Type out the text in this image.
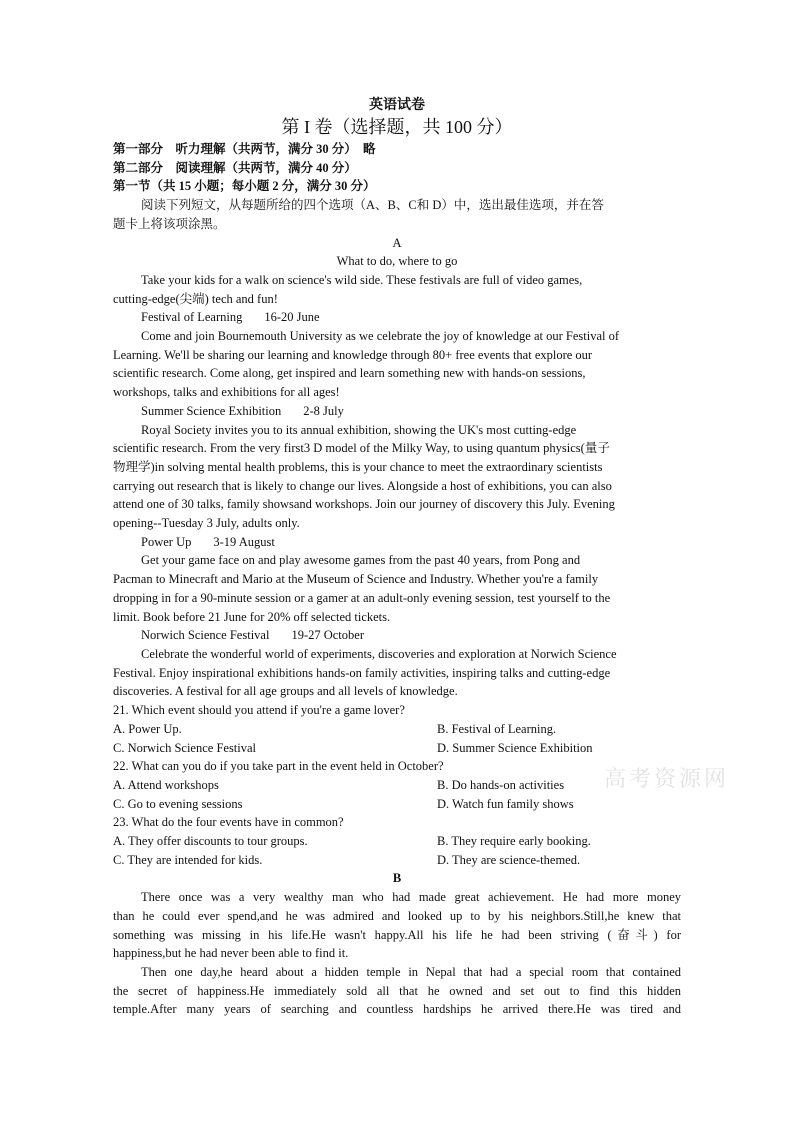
英语试卷
第 I 卷（选择题，共 100 分）
第一部分　听力理解（共两节，满分 30 分）　略
第二部分　阅读理解（共两节，满分 40 分）
第一节（共 15 小题；每小题 2 分，满分 30 分）
阅读下列短文，从每题所给的四个选项（A、B、C和 D）中，选出最佳选项，并在答
题卡上将该项涂黑。
A
What to do, where to go
Take your kids for a walk on science's wild side. These festivals are full of video games,
cutting-edge(尖端) tech and fun!
Festival of Learning 16-20 June
Come and join Bournemouth University as we celebrate the joy of knowledge at our Festival of
Learning. We'll be sharing our learning and knowledge through 80+ free events that explore our
scientific research. Come along, get inspired and learn something new with hands-on sessions,
workshops, talks and exhibitions for all ages!
Summer Science Exhibition 2-8 July
Royal Society invites you to its annual exhibition, showing the UK's most cutting-edge
scientific research. From the very first3 D model of the Milky Way, to using quantum physics(量子
物理学)in solving mental health problems, this is your chance to meet the extraordinary scientists
carrying out research that is likely to change our lives. Alongside a host of exhibitions, you can also
attend one of 30 talks, family showsand workshops. Join our journey of discovery this July. Evening
opening--Tuesday 3 July, adults only.
Power Up 3-19 August
Get your game face on and play awesome games from the past 40 years, from Pong and
Pacman to Minecraft and Mario at the Museum of Science and Industry. Whether you're a family
dropping in for a 90-minute session or a gamer at an adult-only evening session, test yourself to the
limit. Book before 21 June for 20% off selected tickets.
Norwich Science Festival 19-27 October
Celebrate the wonderful world of experiments, discoveries and exploration at Norwich Science
Festival. Enjoy inspirational exhibitions hands-on family activities, inspiring talks and cutting-edge
discoveries. A festival for all age groups and all levels of knowledge.
21. Which event should you attend if you're a game lover?
A. Power Up.	B. Festival of Learning.
C. Norwich Science Festival	D. Summer Science Exhibition
22. What can you do if you take part in the event held in October?
A. Attend workshops	B. Do hands-on activities
C. Go to evening sessions	D. Watch fun family shows
23. What do the four events have in common?
A. They offer discounts to tour groups.	B. They require early booking.
C. They are intended for kids.	D. They are science-themed.
B
There once was a very wealthy man who had made great achievement. He had more money
than he could ever spend,and he was admired and looked up to by his neighbors.Still,he knew that
something was missing in his life.He wasn't happy.All his life he had been striving (奋斗) for
happiness,but he had never been able to find it.
Then one day,he heard about a hidden temple in Nepal that had a special room that contained
the secret of happiness.He immediately sold all that he owned and set out to find this hidden
temple.After many years of searching and countless hardships he arrived there.He was tired and
高考资源网
